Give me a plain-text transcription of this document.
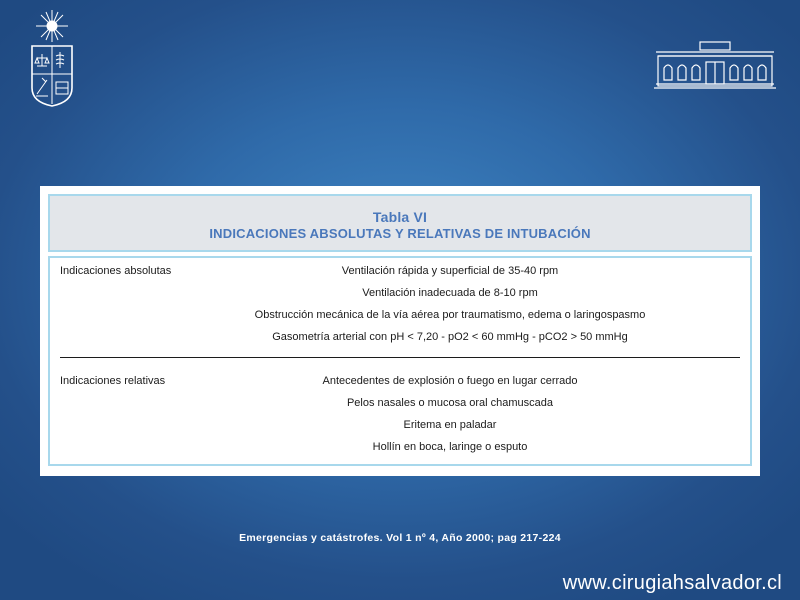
Tabla VI
INDICACIONES ABSOLUTAS Y RELATIVAS DE INTUBACIÓN
Indicaciones absolutas	Ventilación rápida y superficial de 35-40 rpm
Ventilación inadecuada de 8-10 rpm
Obstrucción mecánica de la vía aérea por traumatismo, edema o laringospasmo
Gasometría arterial con pH < 7,20 - pO2 < 60 mmHg - pCO2 > 50 mmHg
Indicaciones relativas	Antecedentes de explosión o fuego en lugar cerrado
Pelos nasales o mucosa oral chamuscada
Eritema en paladar
Hollín en boca, laringe o esputo
Emergencias y catástrofes. Vol 1 nº 4, Año 2000; pag 217-224
www.cirugiahsalvador.cl
